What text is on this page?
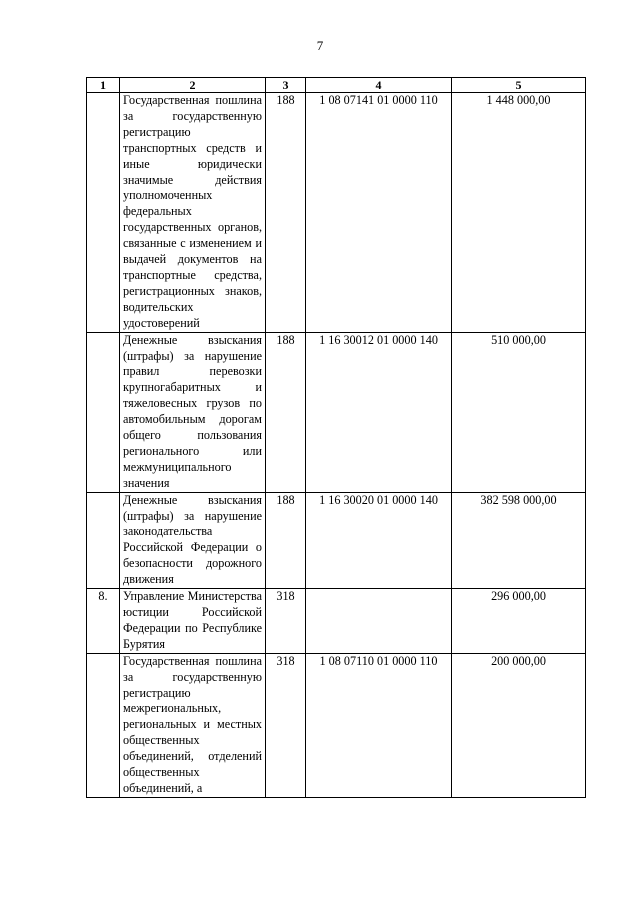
7
1	2	3	4	5
	Государственная пошлина за государственную регистрацию транспортных средств и иные юридически значимые действия уполномоченных федеральных государственных органов, связанные с изменением и выдачей документов на транспортные средства, регистрационных знаков, водительских удостоверений	188	1 08 07141 01 0000 110	1 448 000,00
	Денежные взыскания (штрафы) за нарушение правил перевозки крупногабаритных и тяжеловесных грузов по автомобильным дорогам общего пользования регионального или межмуниципального значения	188	1 16 30012 01 0000 140	510 000,00
	Денежные взыскания (штрафы) за нарушение законодательства Российской Федерации о безопасности дорожного движения	188	1 16 30020 01 0000 140	382 598 000,00
8.	Управление Министерства юстиции Российской Федерации по Республике Бурятия	318		296 000,00
	Государственная пошлина за государственную регистрацию межрегиональных, региональных и местных общественных объединений, отделений общественных объединений, а	318	1 08 07110 01 0000 110	200 000,00
